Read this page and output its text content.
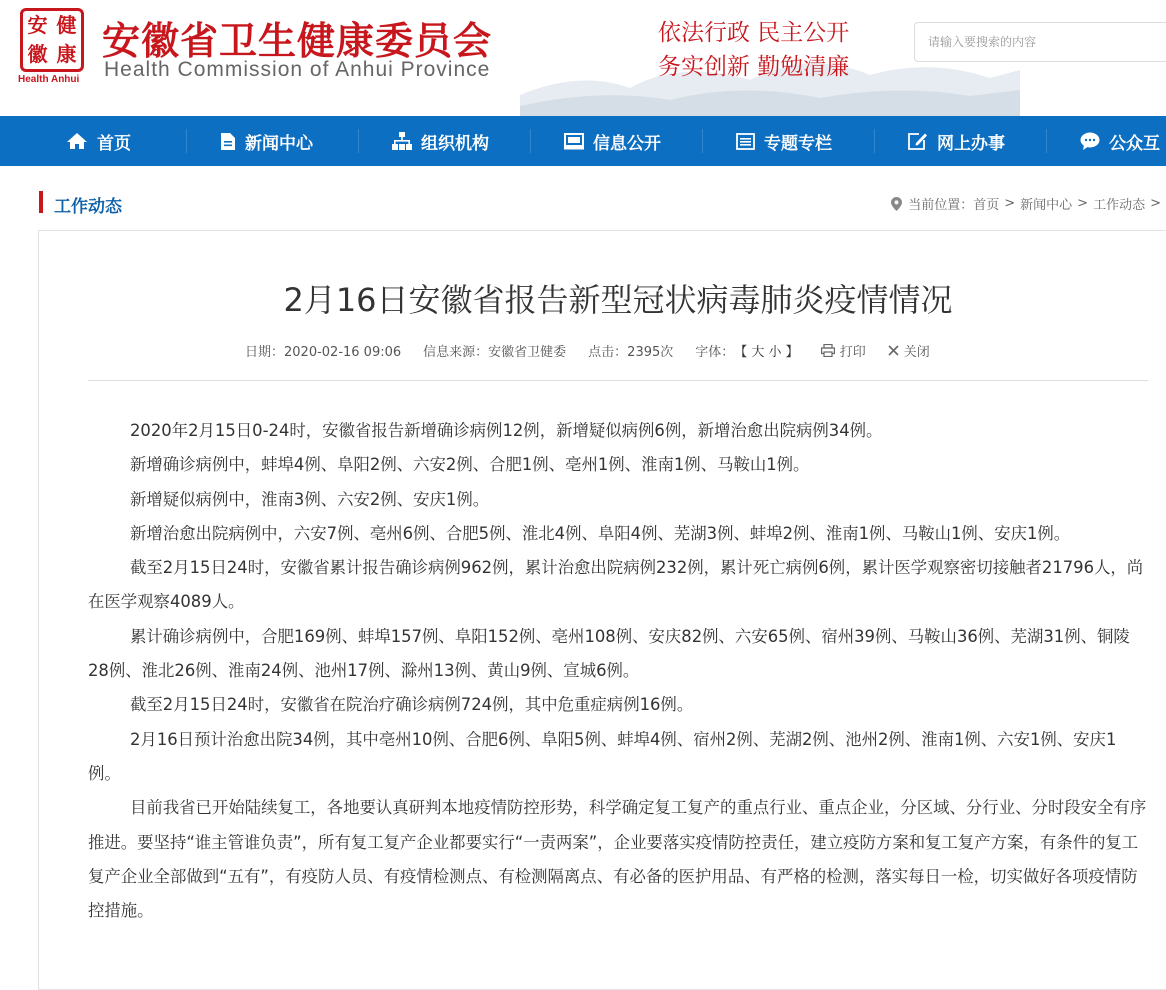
安 健
徽 康
Health Anhui
安徽省卫生健康委员会
Health Commission of Anhui Province
依法行政 民主公开
务实创新 勤勉清廉
请输入要搜索的内容
首页	新闻中心	组织机构	信息公开	专题专栏	网上办事	公众互
工作动态	当前位置： 首页 > 新闻中心 > 工作动态 >
2月16日安徽省报告新型冠状病毒肺炎疫情情况
日期：2020-02-16 09:06 信息来源：安徽省卫健委 点击：2395次 字体： 【 大 小 】	打印	关闭

2020年2月15日0-24时，安徽省报告新增确诊病例12例，新增疑似病例6例，新增治愈出院病例34例。

新增确诊病例中，蚌埠4例、阜阳2例、六安2例、合肥1例、亳州1例、淮南1例、马鞍山1例。

新增疑似病例中，淮南3例、六安2例、安庆1例。

新增治愈出院病例中，六安7例、亳州6例、合肥5例、淮北4例、阜阳4例、芜湖3例、蚌埠2例、淮南1例、马鞍山1例、安庆1例。

截至2月15日24时，安徽省累计报告确诊病例962例，累计治愈出院病例232例，累计死亡病例6例，累计医学观察密切接触者21796人，尚在医学观察4089人。

累计确诊病例中，合肥169例、蚌埠157例、阜阳152例、亳州108例、安庆82例、六安65例、宿州39例、马鞍山36例、芜湖31例、铜陵28例、淮北26例、淮南24例、池州17例、滁州13例、黄山9例、宣城6例。

截至2月15日24时，安徽省在院治疗确诊病例724例，其中危重症病例16例。

2月16日预计治愈出院34例，其中亳州10例、合肥6例、阜阳5例、蚌埠4例、宿州2例、芜湖2例、池州2例、淮南1例、六安1例、安庆1例。

目前我省已开始陆续复工，各地要认真研判本地疫情防控形势，科学确定复工复产的重点行业、重点企业，分区域、分行业、分时段安全有序推进。要坚持“谁主管谁负责”，所有复工复产企业都要实行“一责两案”，企业要落实疫情防控责任，建立疫防方案和复工复产方案，有条件的复工复产企业全部做到“五有”，有疫防人员、有疫情检测点、有检测隔离点、有必备的医护用品、有严格的检测，落实每日一检，切实做好各项疫情防控措施。
